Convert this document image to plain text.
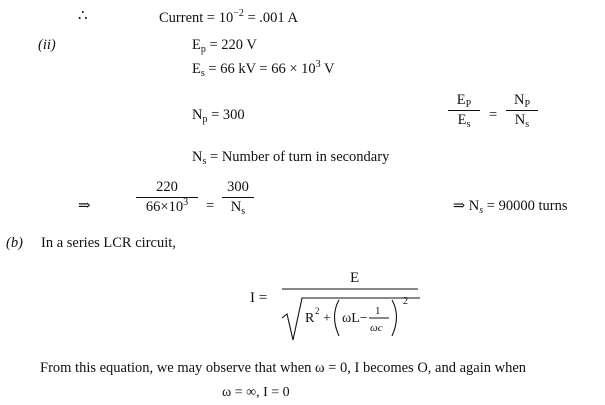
∴	Current = $10^{-2} = .001$ A
(ii)	$E_p = 220$ V
$E_s = 66$ kV = $66 \times 10^3$ V
$N_p = 300$
$E_P$
$E_s$
=
$N_P$
$N_s$
$N_s$ = Number of turn in secondary
⇒
220
$66\times 10^3$	=
300
$N_s$	⇒ $N_s = 90000$ turns
(b) In a series LCR circuit,
I =
E
R 2 + ωL− 1
ωc
2
From this equation, we may observe that when ω = 0, I becomes O, and again when
ω = ∞, I = 0
